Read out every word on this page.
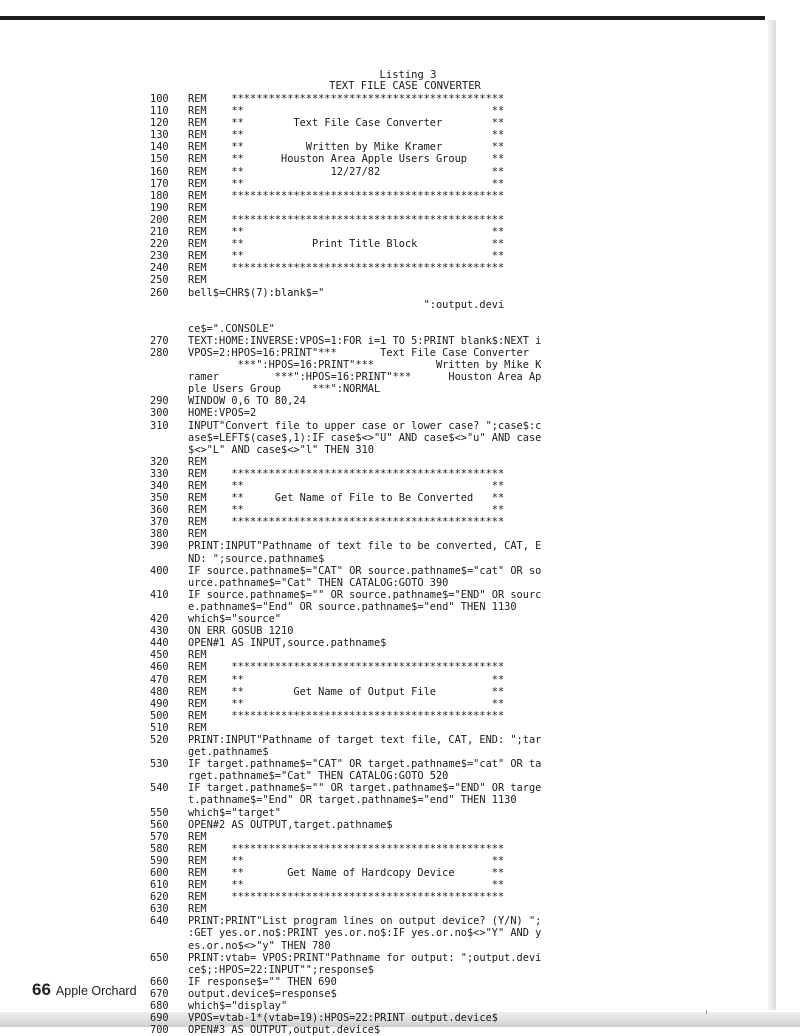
Listing 3
TEXT FILE CASE CONVERTER
100	REM    ********************************************
110	REM    **                                        **
120	REM    **        Text File Case Converter        **
130	REM    **                                        **
140	REM    **          Written by Mike Kramer        **
150	REM    **      Houston Area Apple Users Group    **
160	REM    **              12/27/82                  **
170	REM    **                                        **
180	REM    ********************************************
190	REM
200	REM    ********************************************
210	REM    **                                        **
220	REM    **           Print Title Block            **
230	REM    **                                        **
240	REM    ********************************************
250	REM
260	bell$=CHR$(7):blank$="
":output.devi
ce$=".CONSOLE"
270	TEXT:HOME:INVERSE:VPOS=1:FOR i=1 TO 5:PRINT blank$:NEXT i
280	VPOS=2:HPOS=16:PRINT"***       Text File Case Converter
***":HPOS=16:PRINT"***          Written by Mike K
ramer         ***":HPOS=16:PRINT"***      Houston Area Ap
ple Users Group     ***":NORMAL
290	WINDOW 0,6 TO 80,24
300	HOME:VPOS=2
310	INPUT"Convert file to upper case or lower case? ";case$:c
ase$=LEFT$(case$,1):IF case$<>"U" AND case$<>"u" AND case
$<>"L" AND case$<>"l" THEN 310
320	REM
330	REM    ********************************************
340	REM    **                                        **
350	REM    **     Get Name of File to Be Converted   **
360	REM    **                                        **
370	REM    ********************************************
380	REM
390	PRINT:INPUT"Pathname of text file to be converted, CAT, E
ND: ";source.pathname$
400	IF source.pathname$="CAT" OR source.pathname$="cat" OR so
urce.pathname$="Cat" THEN CATALOG:GOTO 390
410	IF source.pathname$="" OR source.pathname$="END" OR sourc
e.pathname$="End" OR source.pathname$="end" THEN 1130
420	which$="source"
430	ON ERR GOSUB 1210
440	OPEN#1 AS INPUT,source.pathname$
450	REM
460	REM    ********************************************
470	REM    **                                        **
480	REM    **        Get Name of Output File         **
490	REM    **                                        **
500	REM    ********************************************
510	REM
520	PRINT:INPUT"Pathname of target text file, CAT, END: ";tar
get.pathname$
530	IF target.pathname$="CAT" OR target.pathname$="cat" OR ta
rget.pathname$="Cat" THEN CATALOG:GOTO 520
540	IF target.pathname$="" OR target.pathname$="END" OR targe
t.pathname$="End" OR target.pathname$="end" THEN 1130
550	which$="target"
560	OPEN#2 AS OUTPUT,target.pathname$
570	REM
580	REM    ********************************************
590	REM    **                                        **
600	REM    **       Get Name of Hardcopy Device      **
610	REM    **                                        **
620	REM    ********************************************
630	REM
640	PRINT:PRINT"List program lines on output device? (Y/N) ";
:GET yes.or.no$:PRINT yes.or.no$:IF yes.or.no$<>"Y" AND y
es.or.no$<>"y" THEN 780
650	PRINT:vtab= VPOS:PRINT"Pathname for output: ";output.devi
ce$;:HPOS=22:INPUT"";response$
660	IF response$="" THEN 690
670	output.device$=response$
680	which$="display"
690	VPOS=vtab-1*(vtab=19):HPOS=22:PRINT output.device$
700	OPEN#3 AS OUTPUT,output.device$
66 Apple Orchard
